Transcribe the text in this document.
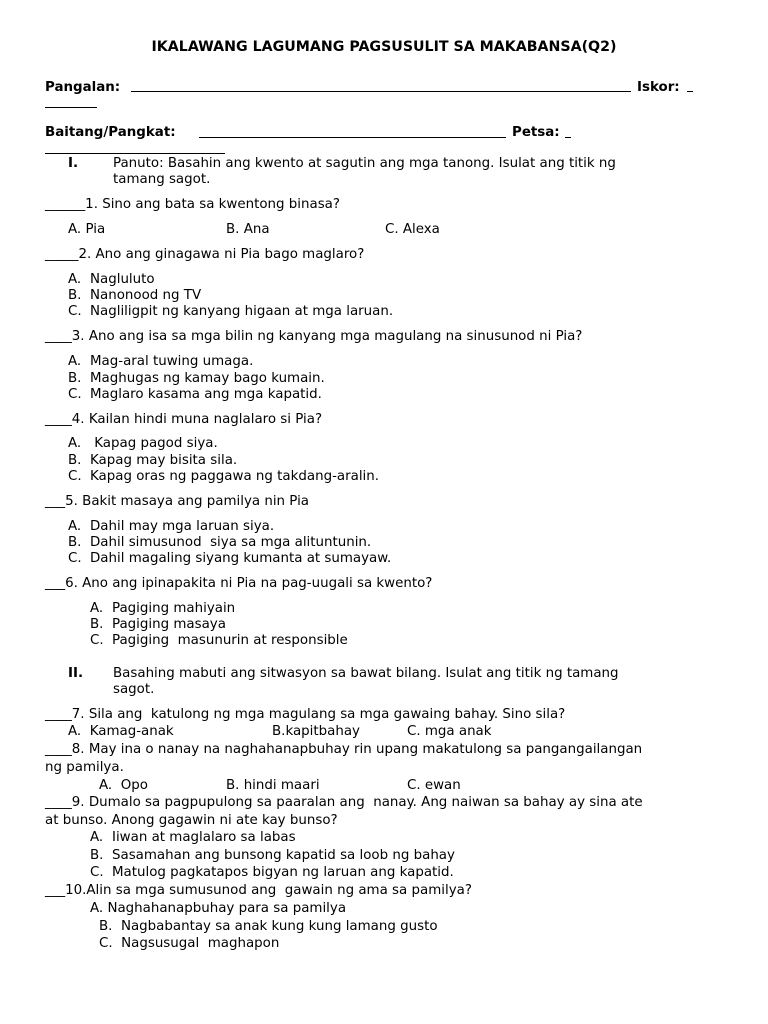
IKALAWANG LAGUMANG PAGSUSULIT SA MAKABANSA(Q2)
Pangalan:	Iskor:
Baitang/Pangkat:	Petsa:
I.	Panuto: Basahin ang kwento at sagutin ang mga tanong. Isulat ang titik ng
tamang sagot.
______1. Sino ang bata sa kwentong binasa?
A. Pia	B. Ana	C. Alexa
_____2. Ano ang ginagawa ni Pia bago maglaro?
A. Nagluluto
B. Nanonood ng TV
C. Nagliligpit ng kanyang higaan at mga laruan.
____3. Ano ang isa sa mga bilin ng kanyang mga magulang na sinusunod ni Pia?
A. Mag-aral tuwing umaga.
B. Maghugas ng kamay bago kumain.
C. Maglaro kasama ang mga kapatid.
____4. Kailan hindi muna naglalaro si Pia?
A. Kapag pagod siya.
B. Kapag may bisita sila.
C. Kapag oras ng paggawa ng takdang-aralin.
___5. Bakit masaya ang pamilya nin Pia
A. Dahil may mga laruan siya.
B. Dahil simusunod  siya sa mga alituntunin.
C. Dahil magaling siyang kumanta at sumayaw.
___6. Ano ang ipinapakita ni Pia na pag-uugali sa kwento?
A. Pagiging mahiyain
B. Pagiging masaya
C. Pagiging  masunurin at responsible
II. Basahing mabuti ang sitwasyon sa bawat bilang. Isulat ang titik ng tamang
sagot.
____7. Sila ang  katulong ng mga magulang sa mga gawaing bahay. Sino sila?
A.  Kamag-anak	B.kapitbahay	C. mga anak
____8. May ina o nanay na naghahanapbuhay rin upang makatulong sa pangangailangan
ng pamilya.
A.  Opo	B. hindi maari	C. ewan
____9. Dumalo sa pagpupulong sa paaralan ang  nanay. Ang naiwan sa bahay ay sina ate
at bunso. Anong gagawin ni ate kay bunso?
A. Iiwan at maglalaro sa labas
B. Sasamahan ang bunsong kapatid sa loob ng bahay
C. Matulog pagkatapos bigyan ng laruan ang kapatid.
___10.Alin sa mga sumusunod ang  gawain ng ama sa pamilya?
A. Naghahanapbuhay para sa pamilya
B.  Nagbabantay sa anak kung kung lamang gusto
C.  Nagsusugal  maghapon
